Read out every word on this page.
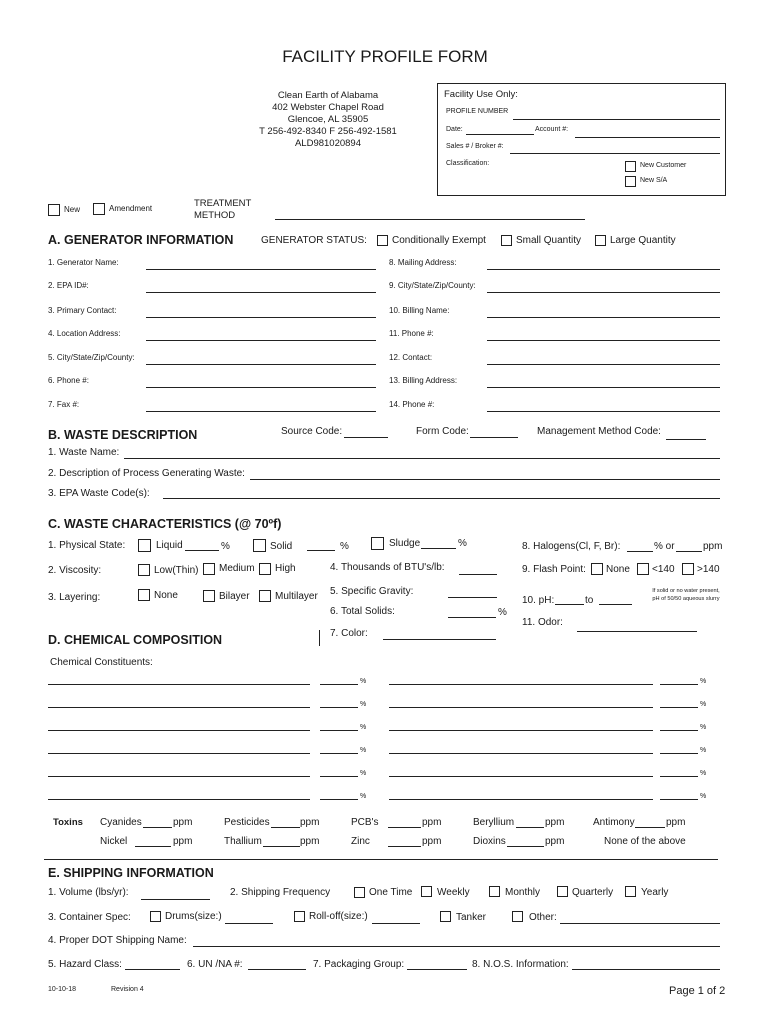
FACILITY PROFILE FORM
Clean Earth of Alabama
402 Webster Chapel Road
Glencoe, AL 35905
T 256-492-8340 F 256-492-1581
ALD981020894
Facility Use Only:
PROFILE NUMBER
Date:	Account #:
Sales # / Broker #:
Classification:	New Customer
New S/A
New	Amendment	TREATMENT
METHOD
A. GENERATOR INFORMATION	GENERATOR STATUS:	Conditionally Exempt	Small Quantity	Large Quantity
1. Generator Name:
2. EPA ID#:
3. Primary Contact:
4. Location Address:
5. City/State/Zip/County:
6. Phone #:
7. Fax #:
8. Mailing Address:
9. City/State/Zip/County:
10. Billing Name:
11. Phone #:
12. Contact:
13. Billing Address:
14. Phone #:
B. WASTE DESCRIPTION	Source Code:	Form Code:	Management Method Code:
1. Waste Name:
2. Description of Process Generating Waste:
3. EPA Waste Code(s):
C. WASTE CHARACTERISTICS (@ 70ºf)
1. Physical State:	Liquid	%	Solid	%	Sludge	%	8. Halogens(Cl, F, Br):	% or	ppm
2. Viscosity:	Low(Thin) Medium High	4. Thousands of BTU's/lb:	9. Flash Point: None <140 >140
3. Layering:	None	Bilayer	Multilayer 5. Specific Gravity:
6. Total Solids:	%
10. pH:	to
If solid or no water present,
pH of 50/50 aqueous slurry
11. Odor:
7. Color:
D. CHEMICAL COMPOSITION
Chemical Constituents:
%	%
%	%
%	%
%	%
%	%
%	%
Toxins Cyanides	ppm	Pesticides	ppm	PCB's	ppm	Beryllium	ppm	Antimony	ppm
Nickel	ppm	Thallium	ppm	Zinc	ppm	Dioxins	ppm	None of the above
E. SHIPPING INFORMATION
1. Volume (lbs/yr):	2. Shipping Frequency	One Time Weekly	Monthly	Quarterly	Yearly
3. Container Spec:	Drums(size:)	Roll-off(size:)	Tanker	Other:
4. Proper DOT Shipping Name:
5. Hazard Class:	6. UN /NA #:	7. Packaging Group:	8. N.O.S. Information:
10-10-18	Revision 4	Page 1 of 2
